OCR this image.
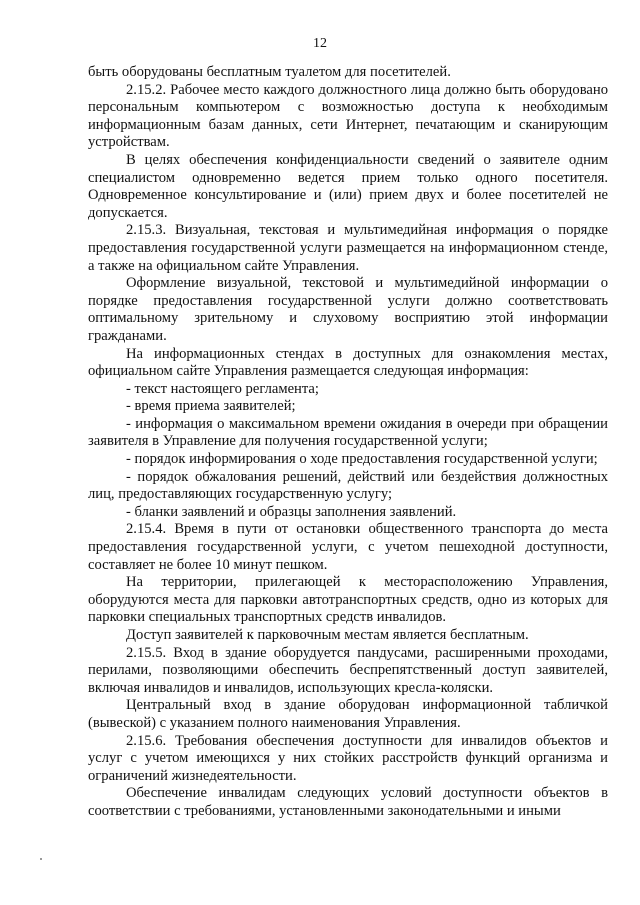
12

быть оборудованы бесплатным туалетом для посетителей.

2.15.2. Рабочее место каждого должностного лица должно быть оборудовано персональным компьютером с возможностью доступа к необходимым информационным базам данных, сети Интернет, печатающим и сканирующим устройствам.

В целях обеспечения конфиденциальности сведений о заявителе одним специалистом одновременно ведется прием только одного посетителя. Одновременное консультирование и (или) прием двух и более посетителей не допускается.

2.15.3. Визуальная, текстовая и мультимедийная информация о порядке предоставления государственной услуги размещается на информационном стенде, а также на официальном сайте Управления.

Оформление визуальной, текстовой и мультимедийной информации о порядке предоставления государственной услуги должно соответствовать оптимальному зрительному и слуховому восприятию этой информации гражданами.

На информационных стендах в доступных для ознакомления местах, официальном сайте Управления размещается следующая информация:

- текст настоящего регламента;

- время приема заявителей;

- информация о максимальном времени ожидания в очереди при обращении заявителя в Управление для получения государственной услуги;

- порядок информирования о ходе предоставления государственной услуги;

- порядок обжалования решений, действий или бездействия должностных лиц, предоставляющих государственную услугу;

- бланки заявлений и образцы заполнения заявлений.

2.15.4. Время в пути от остановки общественного транспорта до места предоставления государственной услуги, с учетом пешеходной доступности, составляет не более 10 минут пешком.

На территории, прилегающей к месторасположению Управления, оборудуются места для парковки автотранспортных средств, одно из которых для парковки специальных транспортных средств инвалидов.

Доступ заявителей к парковочным местам является бесплатным.

2.15.5. Вход в здание оборудуется пандусами, расширенными проходами, перилами, позволяющими обеспечить беспрепятственный доступ заявителей, включая инвалидов и инвалидов, использующих кресла-коляски.

Центральный вход в здание оборудован информационной табличкой (вывеской) с указанием полного наименования Управления.

2.15.6. Требования обеспечения доступности для инвалидов объектов и услуг с учетом имеющихся у них стойких расстройств функций организма и ограничений жизнедеятельности.

Обеспечение инвалидам следующих условий доступности объектов в соответствии с требованиями, установленными законодательными и иными
